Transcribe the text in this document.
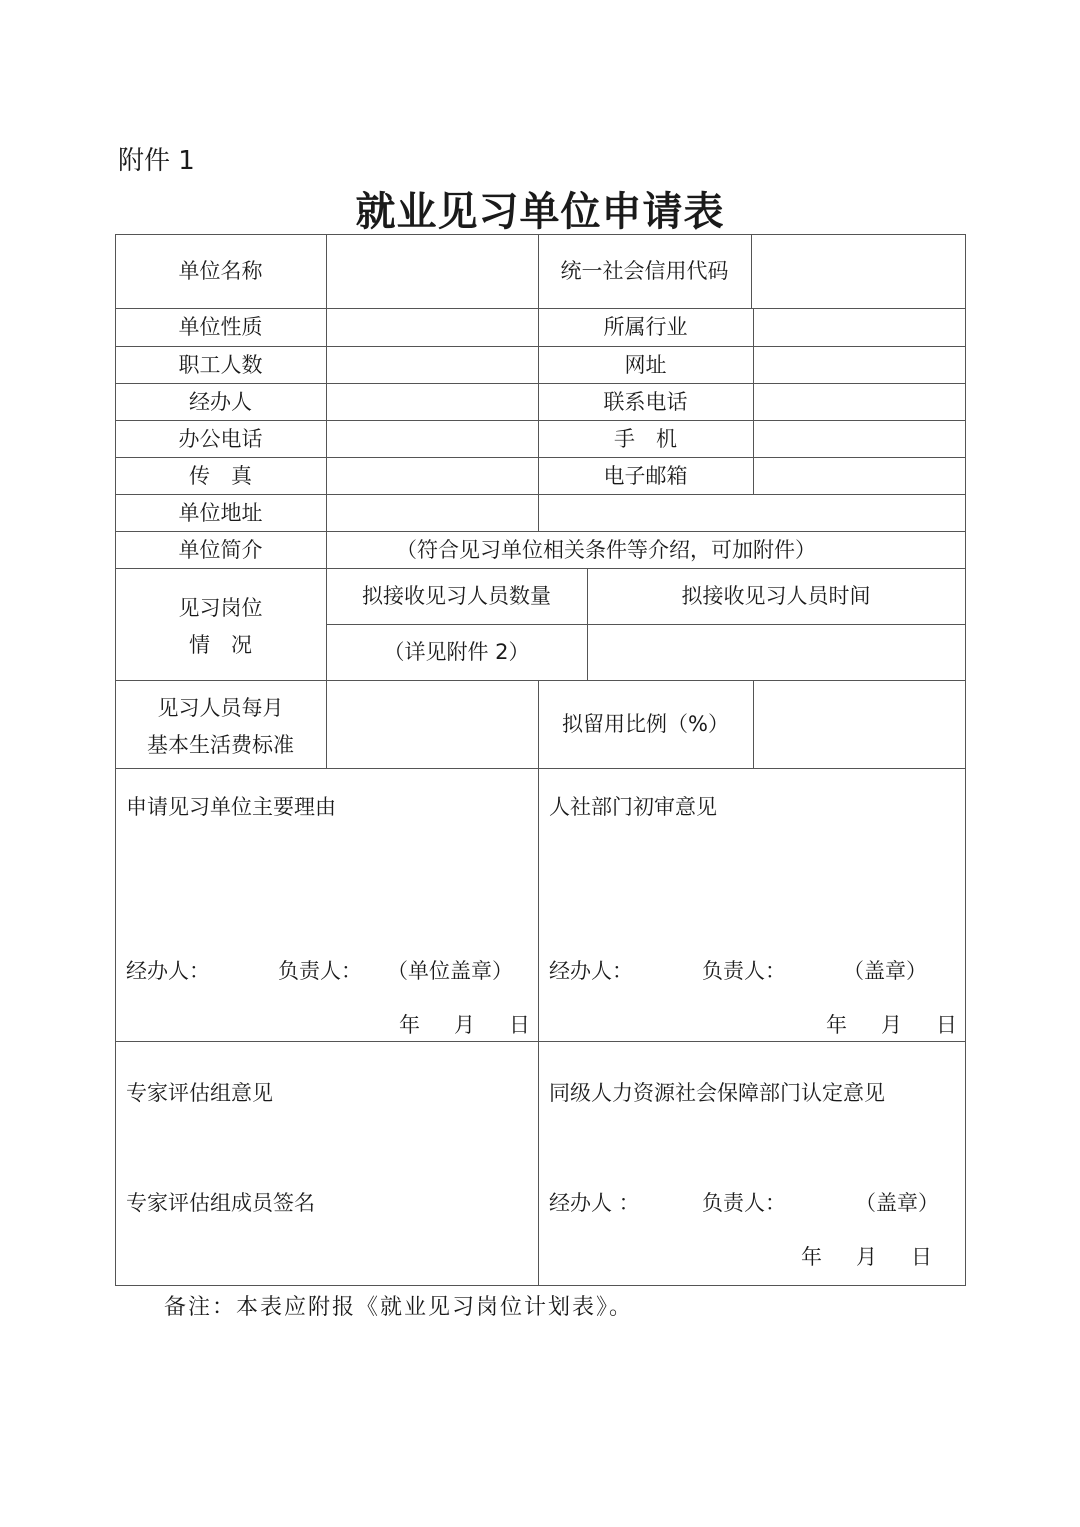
附件 1
就业见习单位申请表
单位名称	统一社会信用代码
单位性质	所属行业
职工人数	网址
经办人	联系电话
办公电话	手　机
传　真	电子邮箱
单位地址
单位简介	（符合见习单位相关条件等介绍，可加附件）
见习岗位
情　况
拟接收见习人员数量	拟接收见习人员时间
（详见附件 2）
见习人员每月
基本生活费标准
拟留用比例（%）
申请见习单位主要理由
经办人：	负责人： （单位盖章）
年 月 日
人社部门初审意见
经办人：	负责人：	（盖章）
年 月 日
专家评估组意见
专家评估组成员签名
同级人力资源社会保障部门认定意见
经办人 ：	负责人：	（盖章）
年 月 日
备注：本表应附报《就业见习岗位计划表》。
